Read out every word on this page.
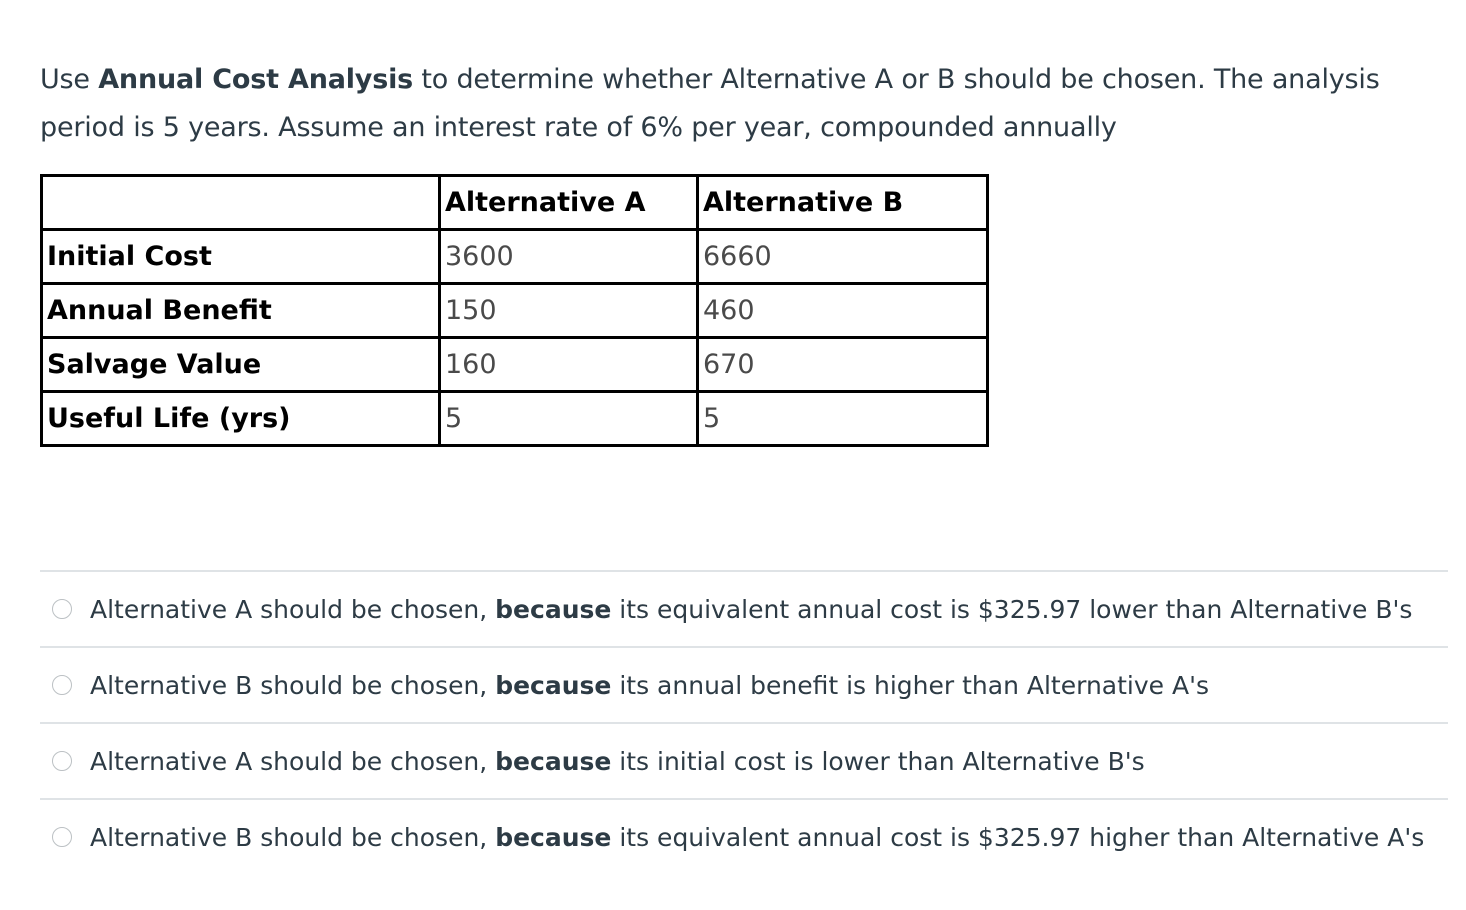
Use Annual Cost Analysis to determine whether Alternative A or B should be chosen. The analysis period is 5 years. Assume an interest rate of 6% per year, compounded annually
	Alternative A	Alternative B
Initial Cost	3600	6660
Annual Benefit	150	460
Salvage Value	160	670
Useful Life (yrs)	5	5
Alternative A should be chosen, because its equivalent annual cost is $325.97 lower than Alternative B's
Alternative B should be chosen, because its annual benefit is higher than Alternative A's
Alternative A should be chosen, because its initial cost is lower than Alternative B's
Alternative B should be chosen, because its equivalent annual cost is $325.97 higher than Alternative A's
